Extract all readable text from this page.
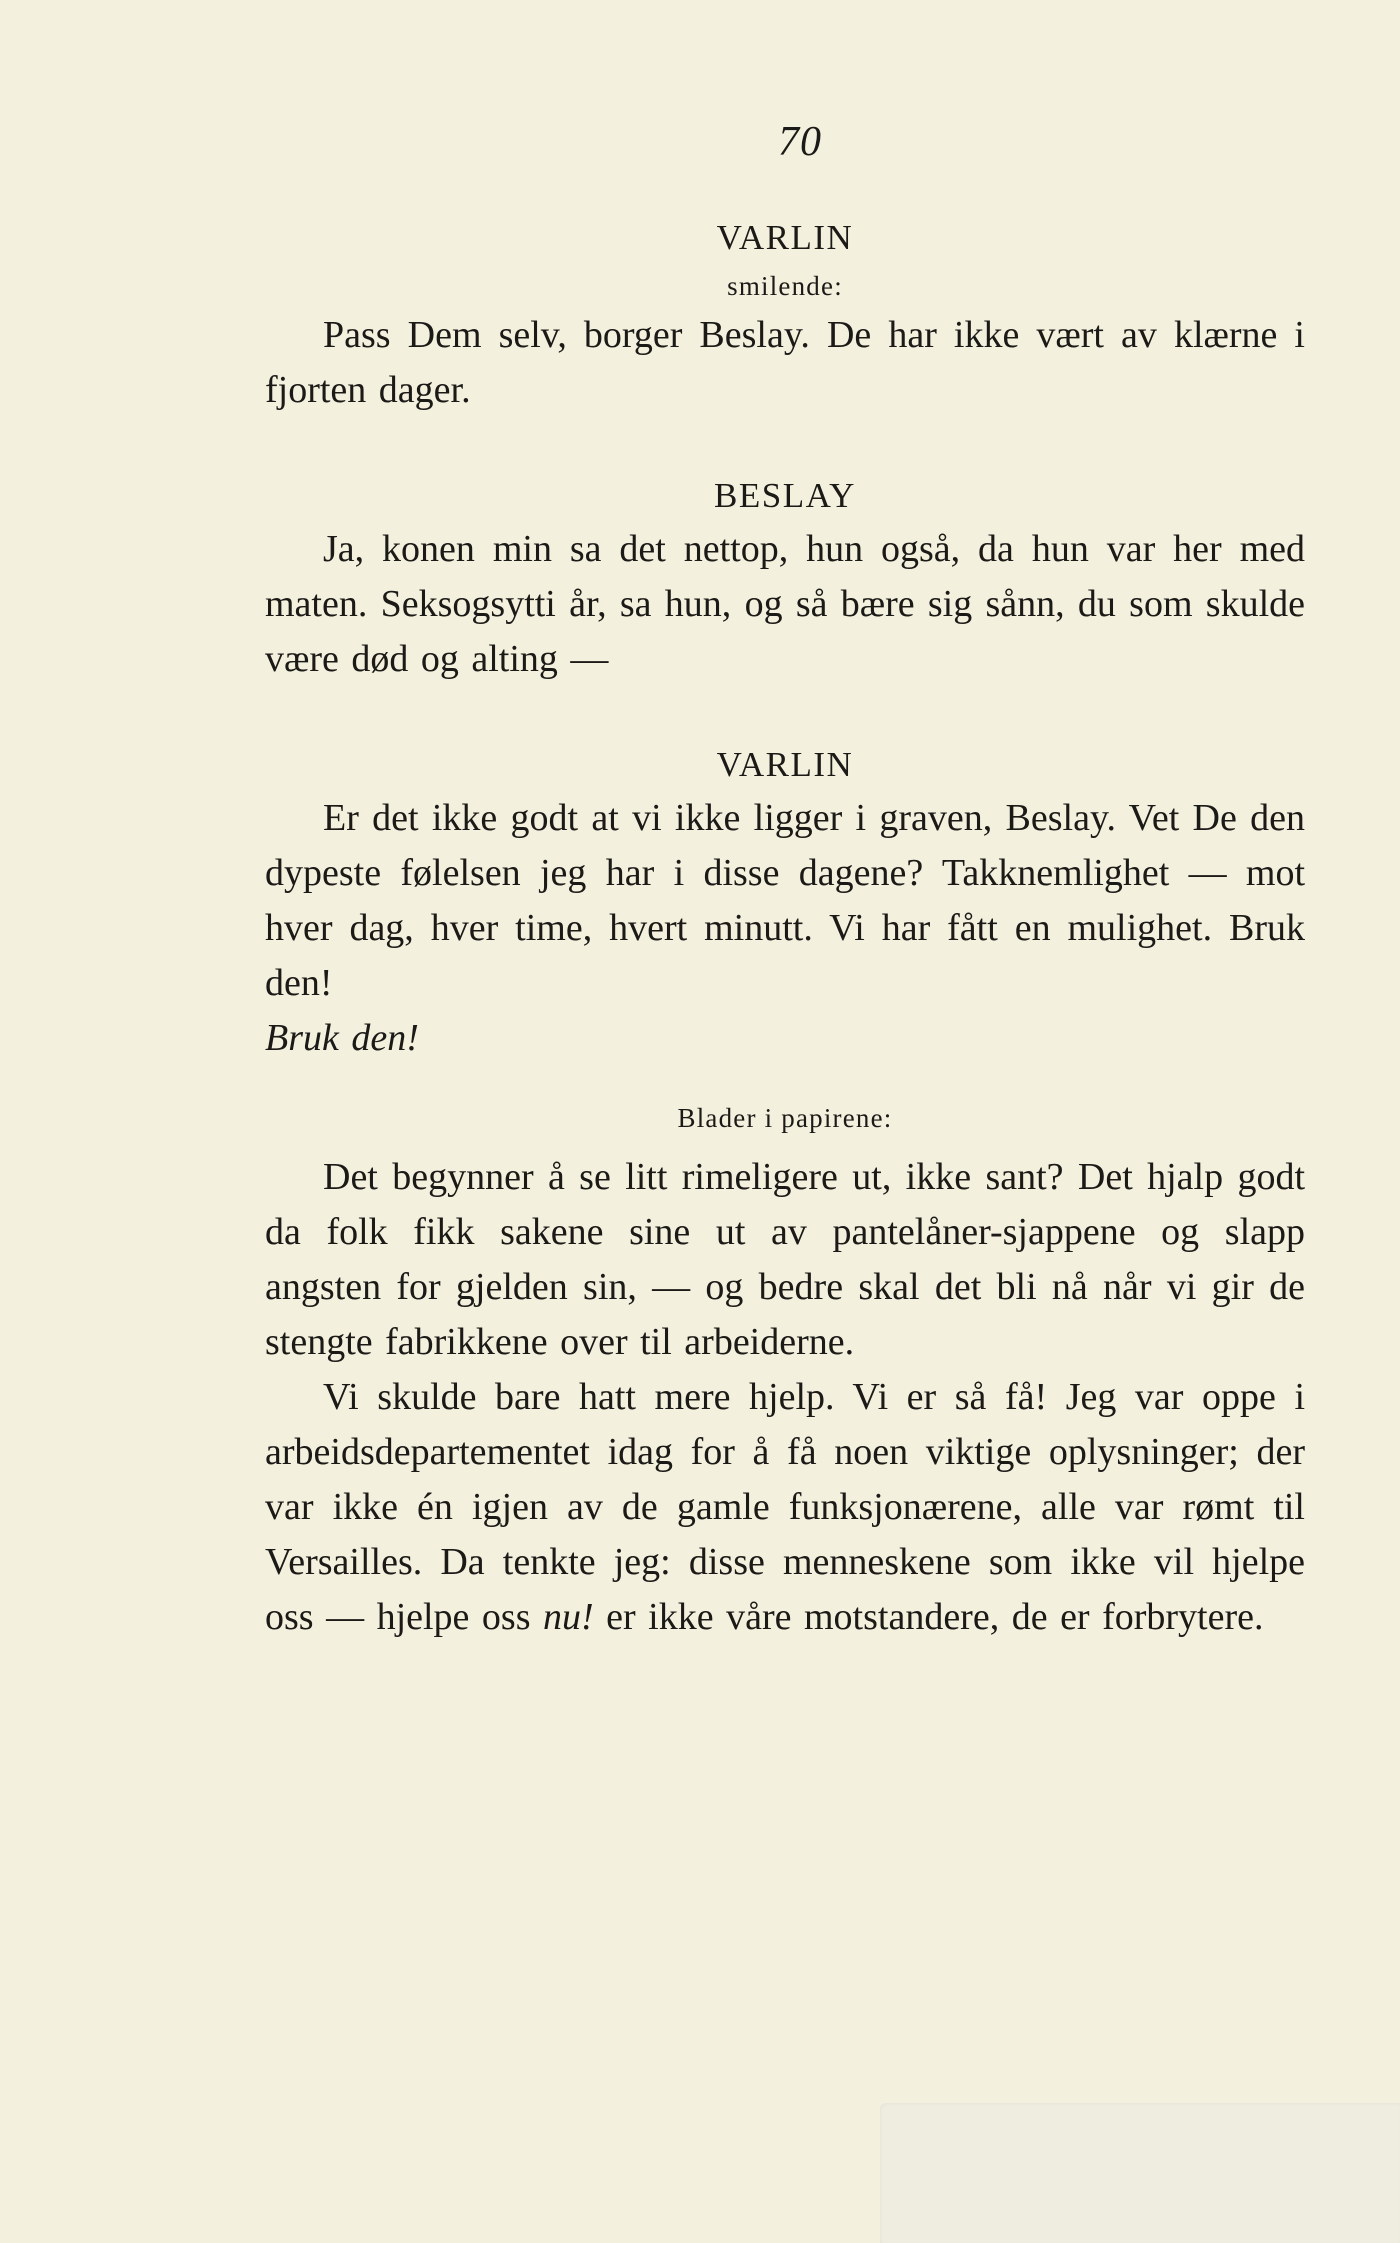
70

VARLIN

smilende:

Pass Dem selv, borger Beslay. De har ikke vært av klærne i fjorten dager.

BESLAY

Ja, konen min sa det nettop, hun også, da hun var her med maten. Seksogsytti år, sa hun, og så bære sig sånn, du som skulde være død og alting —

VARLIN

Er det ikke godt at vi ikke ligger i graven, Beslay. Vet De den dypeste følelsen jeg har i disse dagene? Takknemlighet — mot hver dag, hver time, hvert minutt. Vi har fått en mulighet. Bruk den!
Bruk den!

Blader i papirene:

Det begynner å se litt rimeligere ut, ikke sant? Det hjalp godt da folk fikk sakene sine ut av pantelåner-sjappene og slapp angsten for gjelden sin, — og bedre skal det bli nå når vi gir de stengte fabrikkene over til arbeiderne.

Vi skulde bare hatt mere hjelp. Vi er så få! Jeg var oppe i arbeidsdepartementet idag for å få noen viktige oplysninger; der var ikke én igjen av de gamle funksjonærene, alle var rømt til Versailles. Da tenkte jeg: disse menneskene som ikke vil hjelpe oss — hjelpe oss nu! er ikke våre motstandere, de er forbrytere.
